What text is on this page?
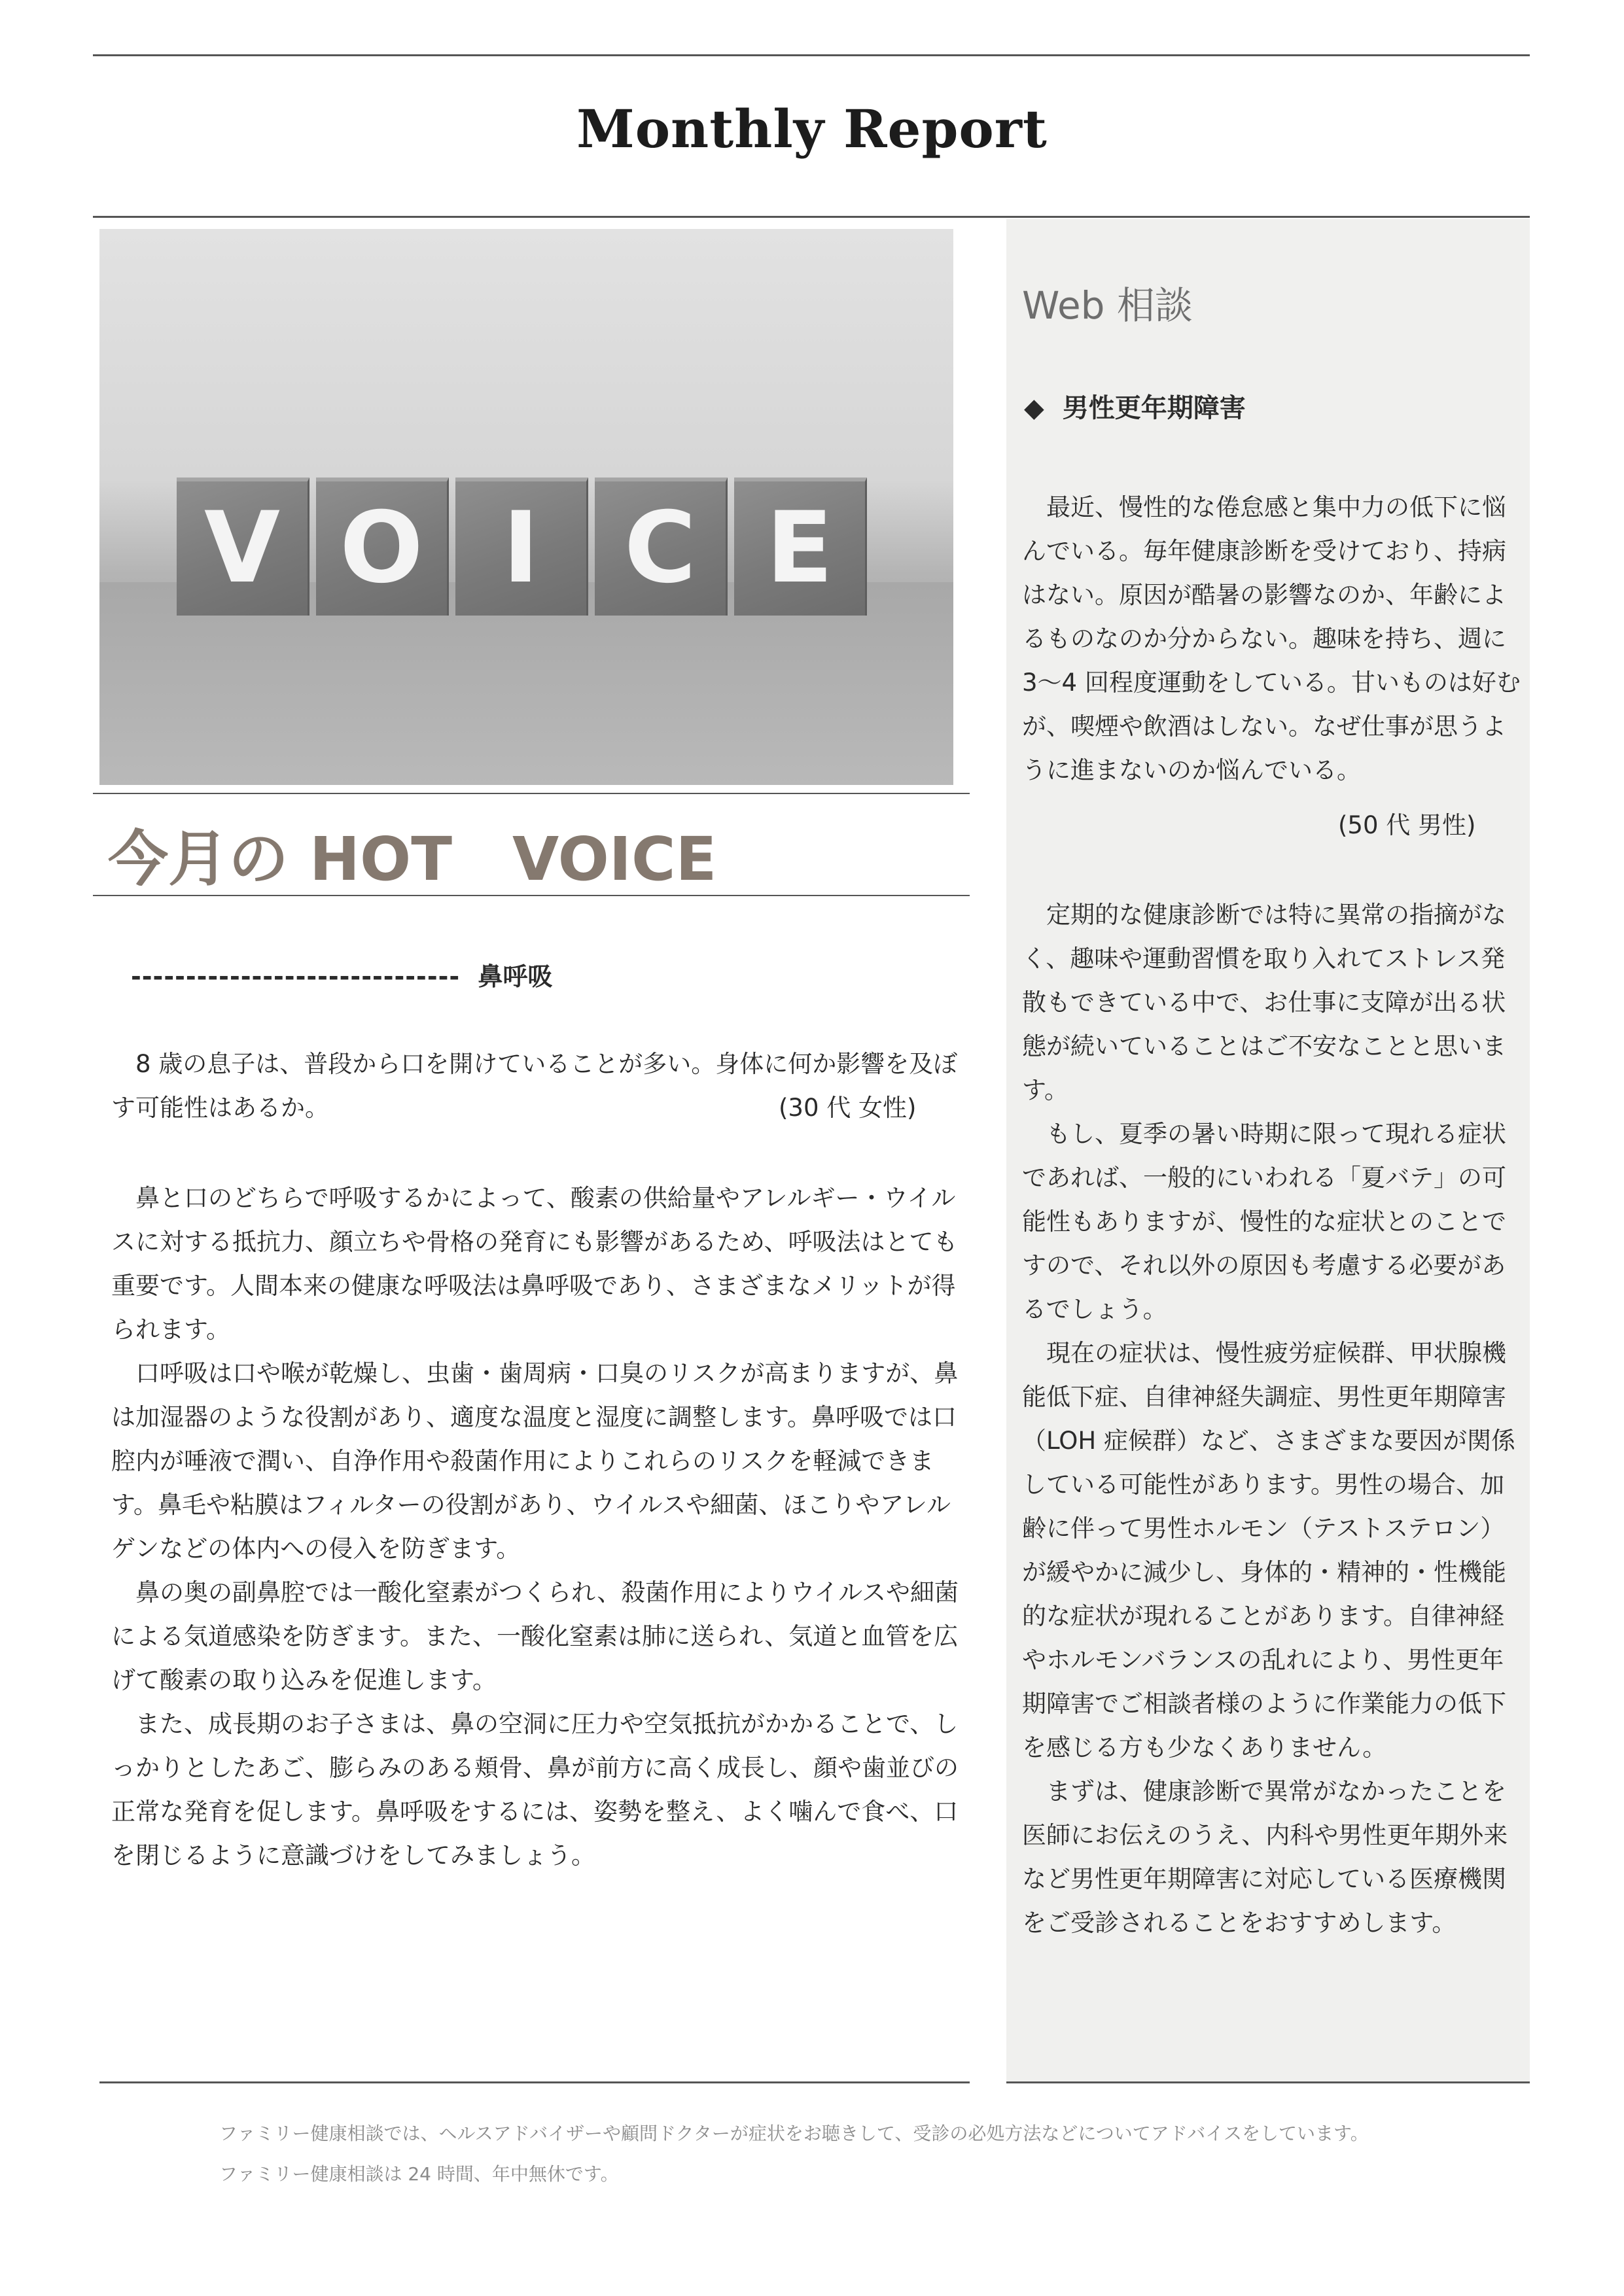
Monthly Report
V O I C E
今月の HOT　VOICE
------------------------------ 鼻呼吸
8 歳の息子は、普段から口を開けていることが多い。身体に何か影響を及ぼ
す可能性はあるか。	(30 代 女性)

鼻と口のどちらで呼吸するかによって、酸素の供給量やアレルギー・ウイルスに対する抵抗力、顔立ちや骨格の発育にも影響があるため、呼吸法はとても重要です。人間本来の健康な呼吸法は鼻呼吸であり、さまざまなメリットが得られます。

口呼吸は口や喉が乾燥し、虫歯・歯周病・口臭のリスクが高まりますが、鼻は加湿器のような役割があり、適度な温度と湿度に調整します。鼻呼吸では口腔内が唾液で潤い、自浄作用や殺菌作用によりこれらのリスクを軽減できます。鼻毛や粘膜はフィルターの役割があり、ウイルスや細菌、ほこりやアレルゲンなどの体内への侵入を防ぎます。

鼻の奥の副鼻腔では一酸化窒素がつくられ、殺菌作用によりウイルスや細菌による気道感染を防ぎます。また、一酸化窒素は肺に送られ、気道と血管を広げて酸素の取り込みを促進します。

また、成長期のお子さまは、鼻の空洞に圧力や空気抵抗がかかることで、しっかりとしたあご、膨らみのある頬骨、鼻が前方に高く成長し、顔や歯並びの正常な発育を促します。鼻呼吸をするには、姿勢を整え、よく噛んで食べ、口を閉じるように意識づけをしてみましょう。

Web 相談
◆ 男性更年期障害

最近、慢性的な倦怠感と集中力の低下に悩んでいる。毎年健康診断を受けており、持病はない。原因が酷暑の影響なのか、年齢によるものなのか分からない。趣味を持ち、週に 3～4 回程度運動をしている。甘いものは好むが、喫煙や飲酒はしない。なぜ仕事が思うように進まないのか悩んでいる。

(50 代 男性)

定期的な健康診断では特に異常の指摘がなく、趣味や運動習慣を取り入れてストレス発散もできている中で、お仕事に支障が出る状態が続いていることはご不安なことと思います。

もし、夏季の暑い時期に限って現れる症状であれば、一般的にいわれる「夏バテ」の可能性もありますが、慢性的な症状とのことですので、それ以外の原因も考慮する必要があるでしょう。

現在の症状は、慢性疲労症候群、甲状腺機能低下症、自律神経失調症、男性更年期障害（LOH 症候群）など、さまざまな要因が関係している可能性があります。男性の場合、加齢に伴って男性ホルモン（テストステロン）が緩やかに減少し、身体的・精神的・性機能的な症状が現れることがあります。自律神経やホルモンバランスの乱れにより、男性更年期障害でご相談者様のように作業能力の低下を感じる方も少なくありません。

まずは、健康診断で異常がなかったことを医師にお伝えのうえ、内科や男性更年期外来など男性更年期障害に対応している医療機関をご受診されることをおすすめします。

ファミリー健康相談では、ヘルスアドバイザーや顧問ドクターが症状をお聴きして、受診の必処方法などについてアドバイスをしています。
ファミリー健康相談は 24 時間、年中無休です。
